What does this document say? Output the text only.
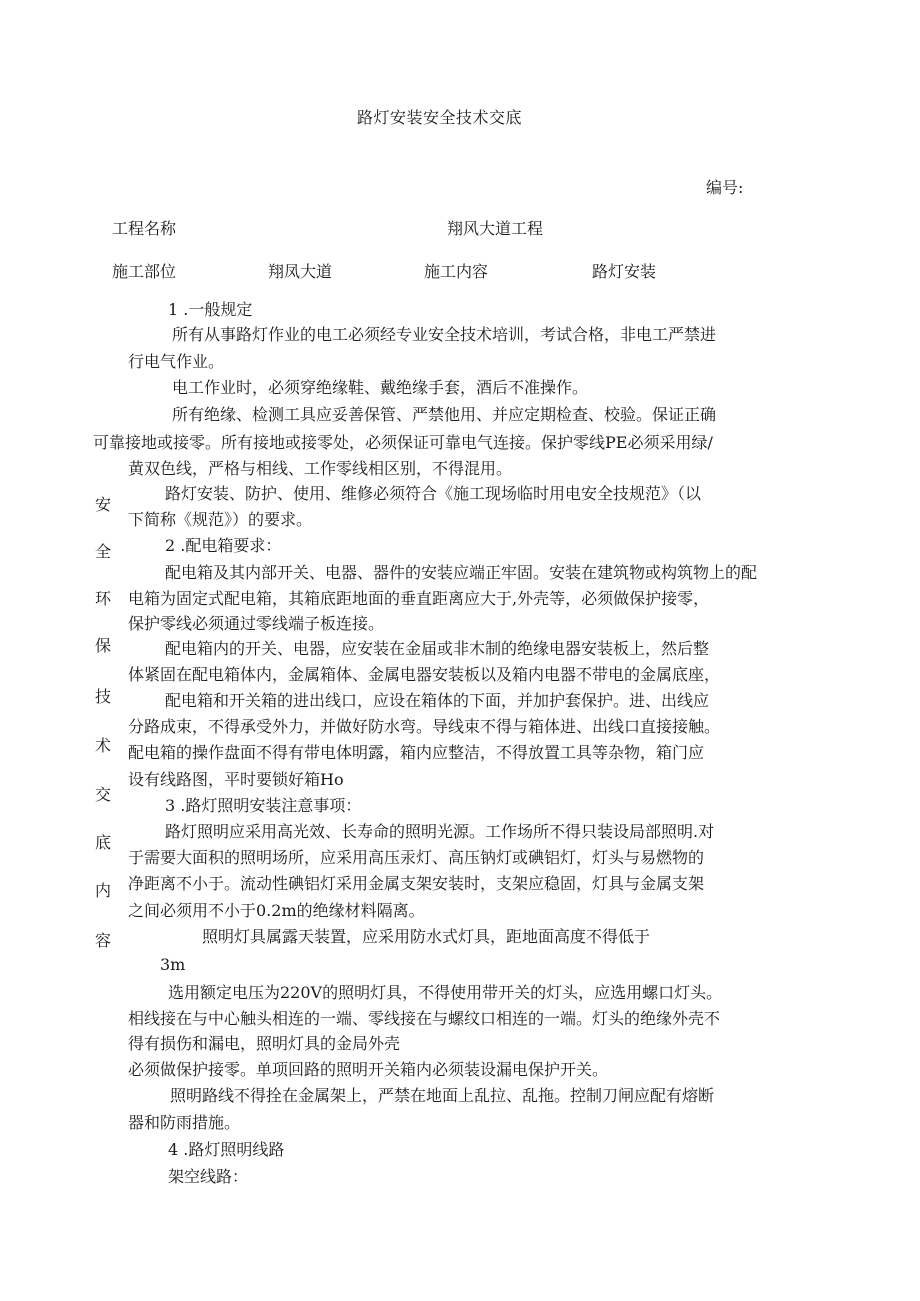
路灯安装安全技术交底
编号:
工程名称	翔风大道工程
施工部位	翔凤大道	施工内容	路灯安装
安
全
环
保
技
术
交
底
内
容
1 .一般规定
所有从事路灯作业的电工必须经专业安全技术培训，考试合格，非电工严禁进
行电气作业。
电工作业时，必须穿绝缘鞋、戴绝缘手套，酒后不准操作。
所有绝缘、检测工具应妥善保管、严禁他用、并应定期检查、校验。保证正确
可靠接地或接零。所有接地或接零处，必须保证可靠电气连接。保护零线PE必须采用绿/
黄双色线，严格与相线、工作零线相区别，不得混用。
路灯安装、防护、使用、维修必须符合《施工现场临时用电安全技规范》（以
下简称《规范》）的要求。
2 .配电箱要求：
配电箱及其内部开关、电器、器件的安装应端正牢固。安装在建筑物或构筑物上的配
电箱为固定式配电箱，其箱底距地面的垂直距离应大于,外壳等，必须做保护接零，
保护零线必须通过零线端子板连接。
配电箱内的开关、电器，应安装在金届或非木制的绝缘电器安装板上，然后整
体紧固在配电箱体内，金属箱体、金属电器安装板以及箱内电器不带电的金属底座，
配电箱和开关箱的进出线口，应设在箱体的下面，并加护套保护。进、出线应
分路成束，不得承受外力，并做好防水弯。导线束不得与箱体进、出线口直接接触。
配电箱的操作盘面不得有带电体明露，箱内应整洁，不得放置工具等杂物，箱门应
设有线路图，平时要锁好箱Ho
3 .路灯照明安装注意事项：
路灯照明应采用高光效、长寿命的照明光源。工作场所不得只装设局部照明.对
于需要大面积的照明场所，应采用高压汞灯、高压钠灯或碘铝灯，灯头与易燃物的
净距离不小于。流动性碘铝灯采用金属支架安装时，支架应稳固，灯具与金属支架
之间必须用不小于0.2m的绝缘材料隔离。
照明灯具属露天装置，应采用防水式灯具，距地面高度不得低于
3m
选用额定电压为220V的照明灯具，不得使用带开关的灯头，应选用螺口灯头。
相线接在与中心触头相连的一端、零线接在与螺纹口相连的一端。灯头的绝缘外壳不
得有损伤和漏电，照明灯具的金局外壳
必须做保护接零。单项回路的照明开关箱内必须装设漏电保护开关。
照明路线不得拴在金属架上，严禁在地面上乱拉、乱拖。控制刀闸应配有熔断
器和防雨措施。
4 .路灯照明线路
架空线路：
